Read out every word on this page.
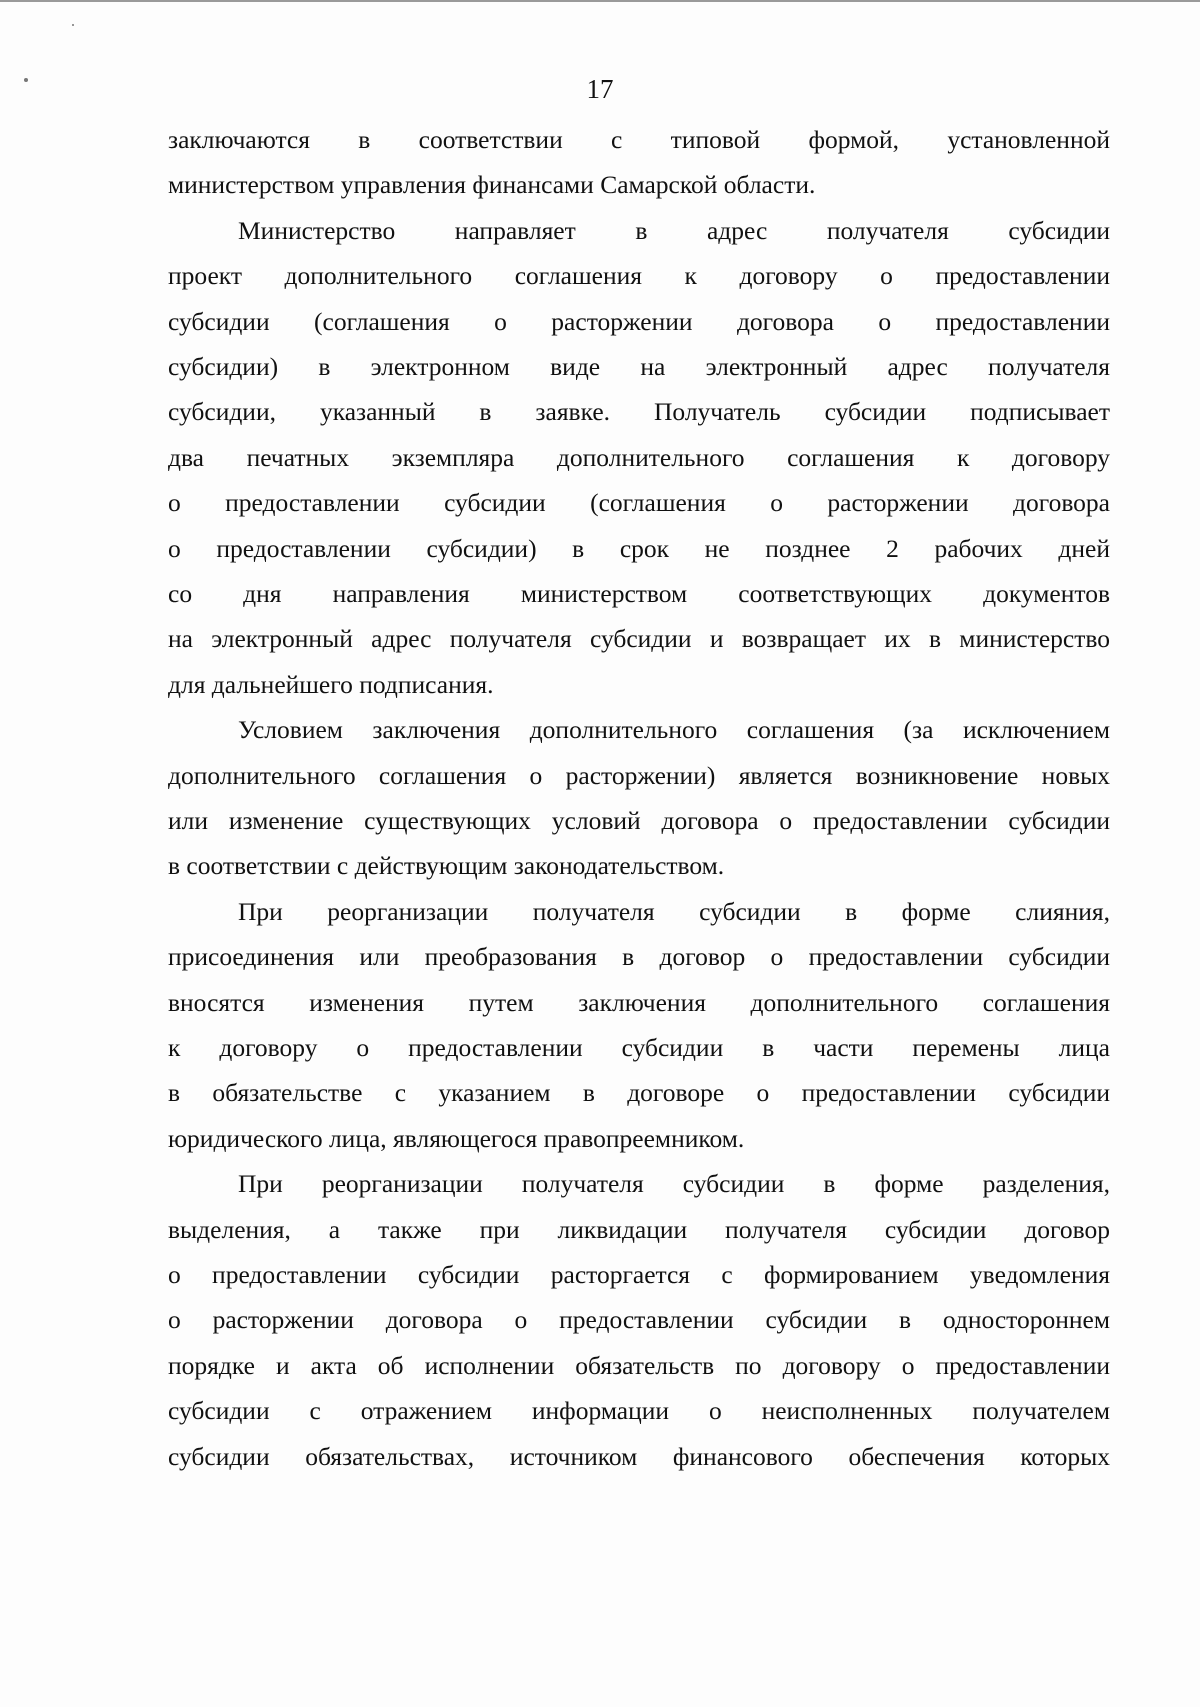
17
заключаются в соответствии с типовой формой, установленной
министерством управления финансами Самарской области.
Министерство направляет в адрес получателя субсидии
проект дополнительного соглашения к договору о предоставлении
субсидии (соглашения о расторжении договора о предоставлении
субсидии) в электронном виде на электронный адрес получателя
субсидии, указанный в заявке. Получатель субсидии подписывает
два печатных экземпляра дополнительного соглашения к договору
о предоставлении субсидии (соглашения о расторжении договора
о предоставлении субсидии) в срок не позднее 2 рабочих дней
со дня направления министерством соответствующих документов
на электронный адрес получателя субсидии и возвращает их в министерство
для дальнейшего подписания.
Условием заключения дополнительного соглашения (за исключением
дополнительного соглашения о расторжении) является возникновение новых
или изменение существующих условий договора о предоставлении субсидии
в соответствии с действующим законодательством.
При реорганизации получателя субсидии в форме слияния,
присоединения или преобразования в договор о предоставлении субсидии
вносятся изменения путем заключения дополнительного соглашения
к договору о предоставлении субсидии в части перемены лица
в обязательстве с указанием в договоре о предоставлении субсидии
юридического лица, являющегося правопреемником.
При реорганизации получателя субсидии в форме разделения,
выделения, а также при ликвидации получателя субсидии договор
о предоставлении субсидии расторгается с формированием уведомления
о расторжении договора о предоставлении субсидии в одностороннем
порядке и акта об исполнении обязательств по договору о предоставлении
субсидии с отражением информации о неисполненных получателем
субсидии обязательствах, источником финансового обеспечения которых
